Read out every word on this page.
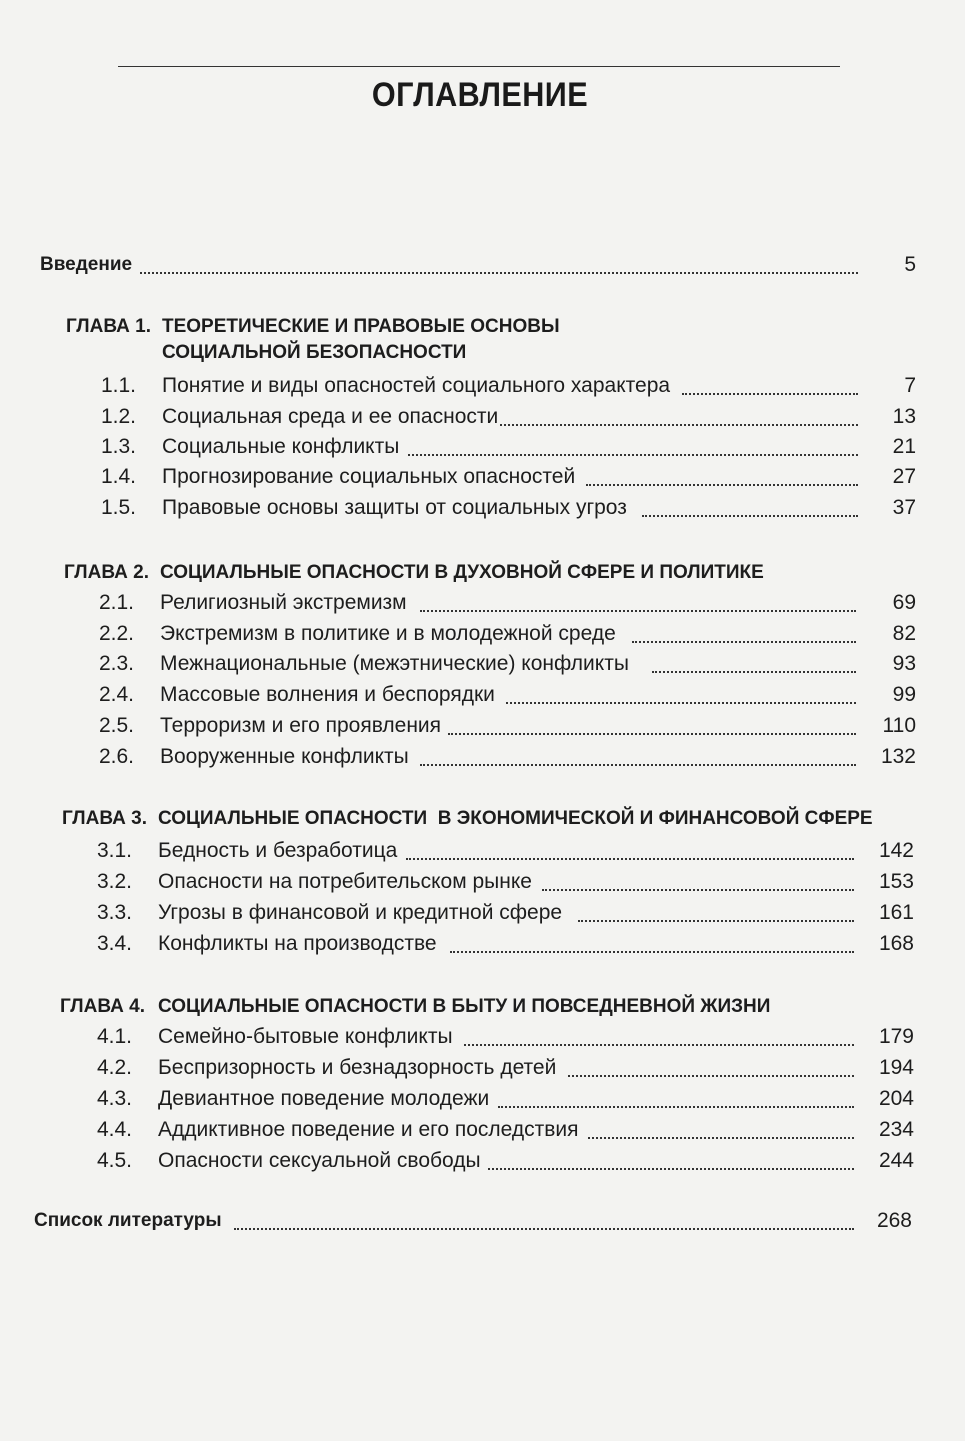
ОГЛАВЛЕНИЕ
Введение	5
ГЛАВА 1. ТЕОРЕТИЧЕСКИЕ И ПРАВОВЫЕ ОСНОВЫ
СОЦИАЛЬНОЙ БЕЗОПАСНОСТИ
1.1. Понятие и виды опасностей социального характера	7
1.2. Социальная среда и ее опасности	13
1.3. Социальные конфликты	21
1.4. Прогнозирование социальных опасностей	27
1.5. Правовые основы защиты от социальных угроз	37
ГЛАВА 2. СОЦИАЛЬНЫЕ ОПАСНОСТИ В ДУХОВНОЙ СФЕРЕ И ПОЛИТИКЕ
2.1. Религиозный экстремизм	69
2.2. Экстремизм в политике и в молодежной среде	82
2.3. Межнациональные (межэтнические) конфликты	93
2.4. Массовые волнения и беспорядки	99
2.5. Терроризм и его проявления	110
2.6. Вооруженные конфликты	132
ГЛАВА 3. СОЦИАЛЬНЫЕ ОПАСНОСТИ  В ЭКОНОМИЧЕСКОЙ И ФИНАНСОВОЙ СФЕРЕ
3.1. Бедность и безработица	142
3.2. Опасности на потребительском рынке	153
3.3. Угрозы в финансовой и кредитной сфере	161
3.4. Конфликты на производстве	168
ГЛАВА 4. СОЦИАЛЬНЫЕ ОПАСНОСТИ В БЫТУ И ПОВСЕДНЕВНОЙ ЖИЗНИ
4.1. Семейно-бытовые конфликты	179
4.2. Беспризорность и безнадзорность детей	194
4.3. Девиантное поведение молодежи	204
4.4. Аддиктивное поведение и его последствия	234
4.5. Опасности сексуальной свободы	244
Список литературы	268
